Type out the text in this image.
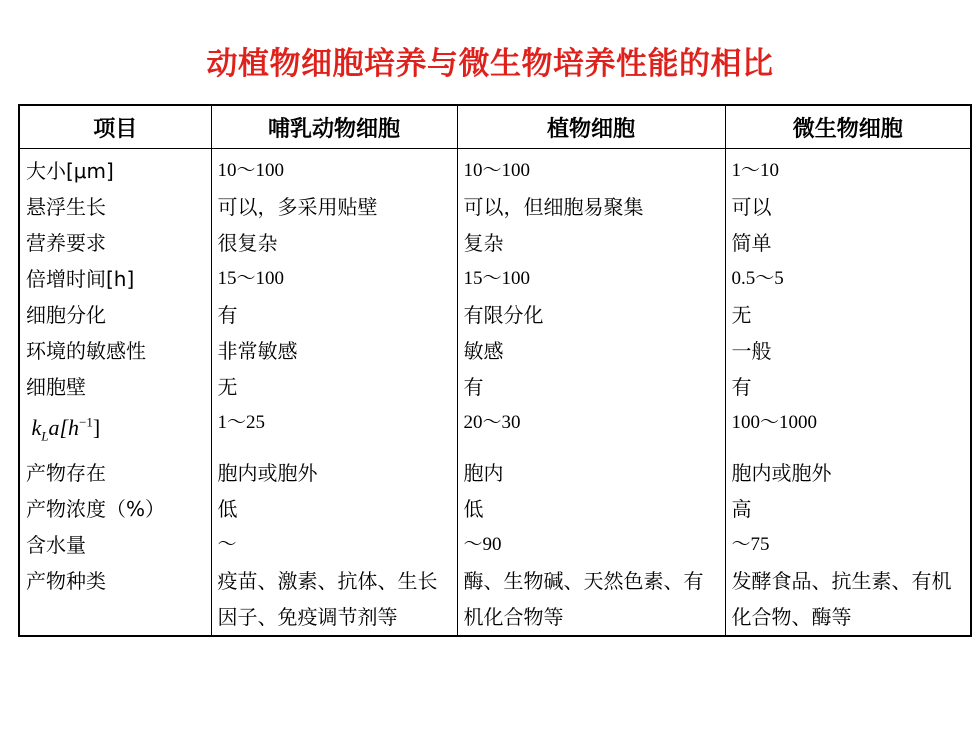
动植物细胞培养与微生物培养性能的相比
项目	哺乳动物细胞	植物细胞	微生物细胞
大小[μm]	10～100	10～100	1～10
悬浮生长	可以，多采用贴壁	可以，但细胞易聚集	可以
营养要求	很复杂	复杂	简单
倍增时间[h]	15～100	15～100	0.5～5
细胞分化	有	有限分化	无
环境的敏感性	非常敏感	敏感	一般
细胞壁	无	有	有
$k_La[h^{-1}]$	1～25	20～30	100～1000
产物存在	胞内或胞外	胞内	胞内或胞外
产物浓度（%）	低	低	高
含水量	～	～90	～75
产物种类	疫苗、激素、抗体、生长因子、免疫调节剂等	酶、生物碱、天然色素、有机化合物等	发酵食品、抗生素、有机化合物、酶等
